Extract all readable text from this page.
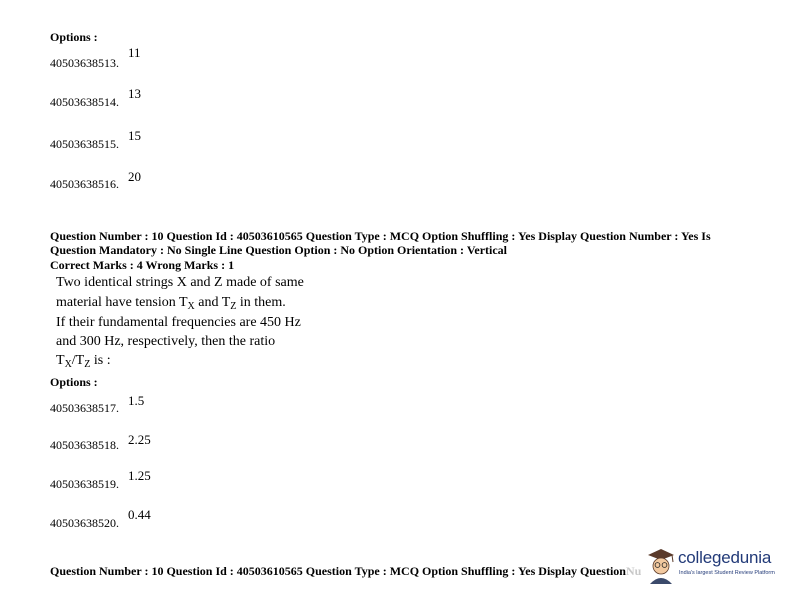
Options :
40503638513.
11
40503638514.
13
40503638515.
15
40503638516. 20
Question Number : 10 Question Id : 40503610565 Question Type : MCQ Option Shuffling : Yes Display Question Number : Yes Is
Question Mandatory : No Single Line Question Option : No Option Orientation : Vertical
Correct Marks : 4 Wrong Marks : 1
Two identical strings X and Z made of same
material have tension $T_X$ and $T_Z$ in them.
If their fundamental frequencies are 450 Hz
and 300 Hz, respectively, then the ratio
$T_X/T_Z$ is :
Options :
40503638517. 1.5
40503638518. 2.25
40503638519.
1.25
40503638520.
0.44
Question Number : 10 Question Id : 40503610565 Question Type : MCQ Option Shuffling : Yes Display Question Nu
collegedunia
India's largest Student Review Platform
